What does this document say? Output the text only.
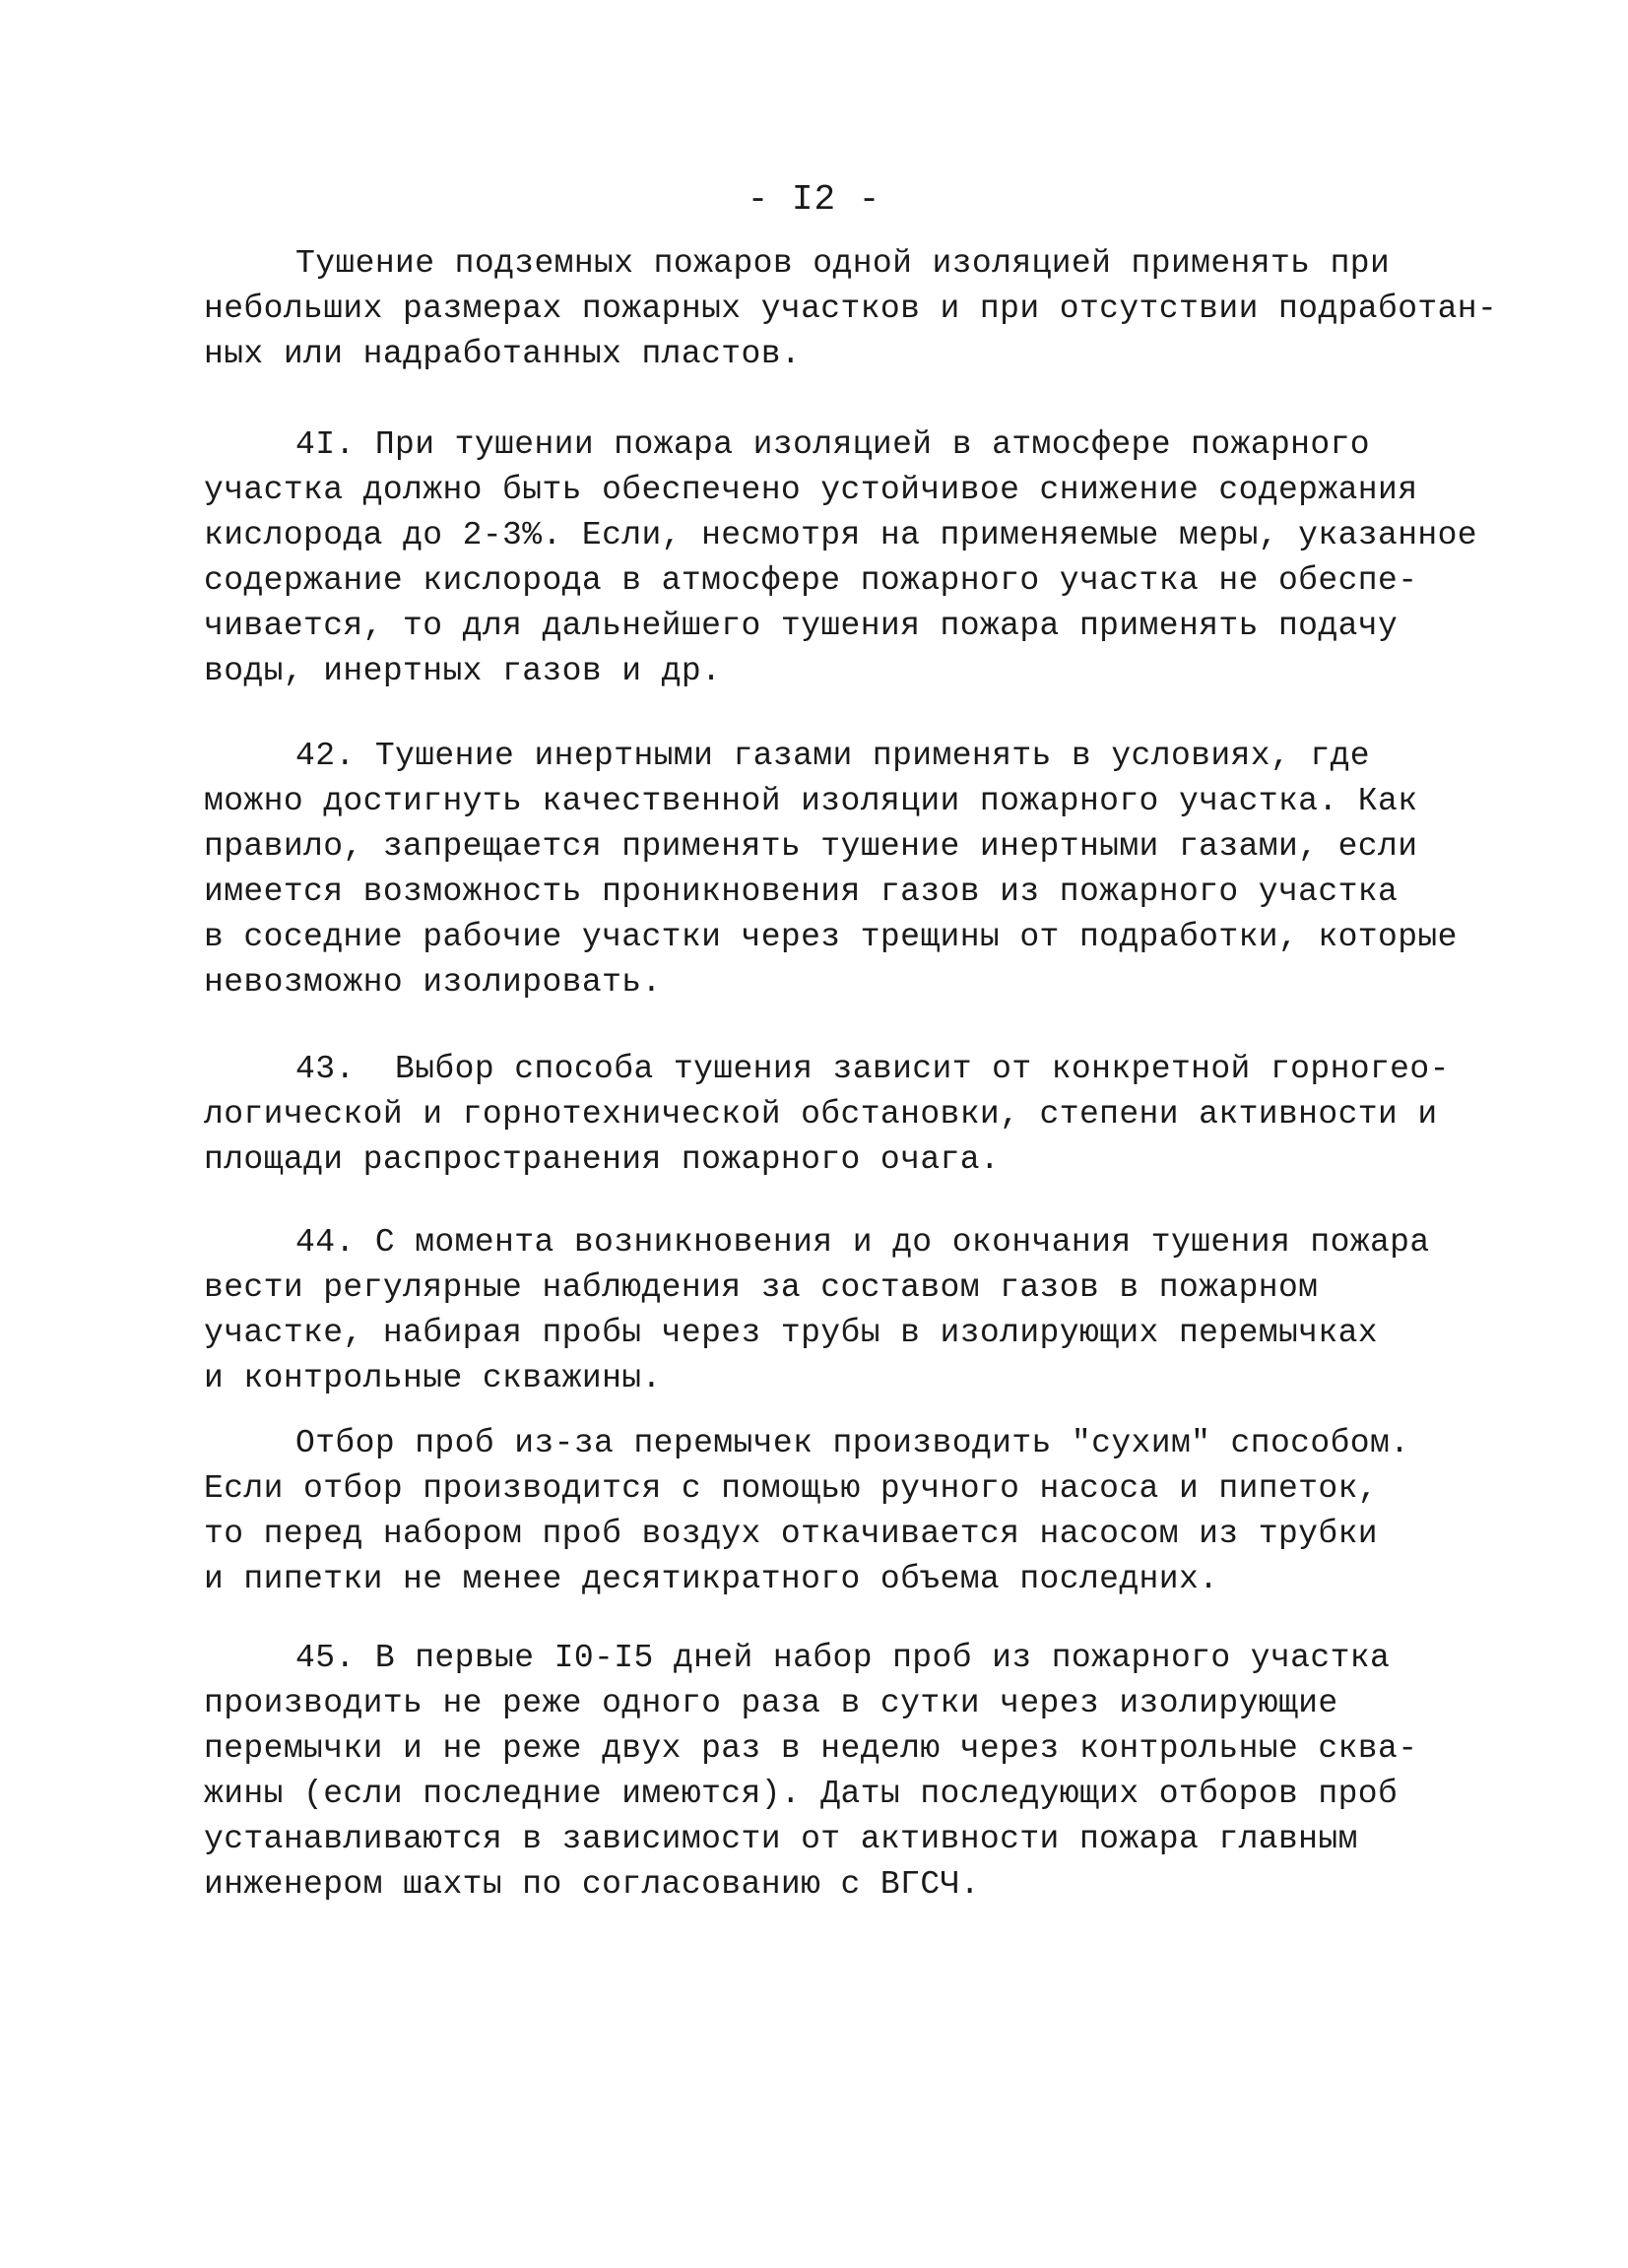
- I2 -
Тушение подземных пожаров одной изоляцией применять при
небольших размерах пожарных участков и при отсутствии подработан-
ных или надработанных пластов.
4I. При тушении пожара изоляцией в атмосфере пожарного
участка должно быть обеспечено устойчивое снижение содержания
кислорода до 2-3%. Если, несмотря на применяемые меры, указанное
содержание кислорода в атмосфере пожарного участка не обеспе-
чивается, то для дальнейшего тушения пожара применять подачу
воды, инертных газов и др.
42. Тушение инертными газами применять в условиях, где
можно достигнуть качественной изоляции пожарного участка. Как
правило, запрещается применять тушение инертными газами, если
имеется возможность проникновения газов из пожарного участка
в соседние рабочие участки через трещины от подработки, которые
невозможно изолировать.
43.  Выбор способа тушения зависит от конкретной горногео-
логической и горнотехнической обстановки, степени активности и
площади распространения пожарного очага.
44. С момента возникновения и до окончания тушения пожара
вести регулярные наблюдения за составом газов в пожарном
участке, набирая пробы через трубы в изолирующих перемычках
и контрольные скважины.
Отбор проб из-за перемычек производить "сухим" способом.
Если отбор производится с помощью ручного насоса и пипеток,
то перед набором проб воздух откачивается насосом из трубки
и пипетки не менее десятикратного объема последних.
45. В первые I0-I5 дней набор проб из пожарного участка
производить не реже одного раза в сутки через изолирующие
перемычки и не реже двух раз в неделю через контрольные сква-
жины (если последние имеются). Даты последующих отборов проб
устанавливаются в зависимости от активности пожара главным
инженером шахты по согласованию с ВГСЧ.
